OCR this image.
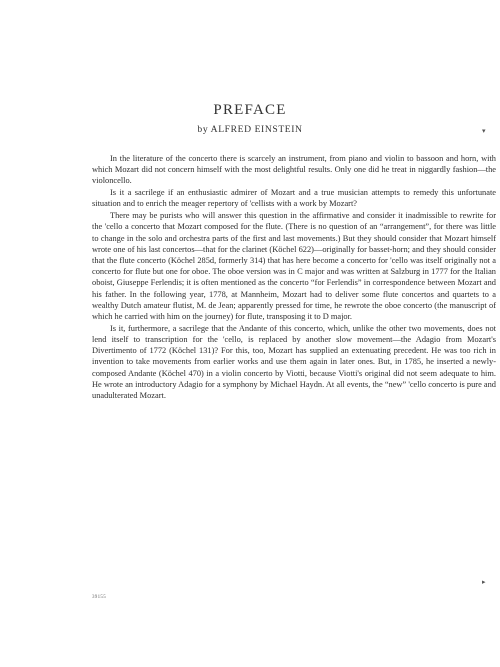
PREFACE
by ALFRED EINSTEIN

In the literature of the concerto there is scarcely an instrument, from piano and violin to bassoon and horn, with which Mozart did not concern himself with the most delightful results. Only one did he treat in niggardly fashion—the violoncello.

Is it a sacrilege if an enthusiastic admirer of Mozart and a true musician attempts to remedy this unfortunate situation and to enrich the meager repertory of 'cellists with a work by Mozart?

There may be purists who will answer this question in the affirmative and consider it inadmissible to rewrite for the 'cello a concerto that Mozart composed for the flute. (There is no question of an “arrangement”, for there was little to change in the solo and orchestra parts of the first and last movements.) But they should consider that Mozart himself wrote one of his last concertos—that for the clarinet (Köchel 622)—originally for basset-horn; and they should consider that the flute concerto (Köchel 285d, formerly 314) that has here become a concerto for 'cello was itself originally not a concerto for flute but one for oboe. The oboe version was in C major and was written at Salzburg in 1777 for the Italian oboist, Giuseppe Ferlendis; it is often mentioned as the concerto “for Ferlendis” in correspondence between Mozart and his father. In the following year, 1778, at Mannheim, Mozart had to deliver some flute concertos and quartets to a wealthy Dutch amateur flutist, M. de Jean; apparently pressed for time, he rewrote the oboe concerto (the manuscript of which he carried with him on the journey) for flute, transposing it to D major.

Is it, furthermore, a sacrilege that the Andante of this concerto, which, unlike the other two movements, does not lend itself to transcription for the 'cello, is replaced by another slow movement—the Adagio from Mozart's Divertimento of 1772 (Köchel 131)? For this, too, Mozart has supplied an extenuating precedent. He was too rich in invention to take movements from earlier works and use them again in later ones. But, in 1785, he inserted a newly-composed Andante (Köchel 470) in a violin concerto by Viotti, because Viotti's original did not seem adequate to him. He wrote an introductory Adagio for a symphony by Michael Haydn. At all events, the “new” 'cello concerto is pure and unadulterated Mozart.

39155
▾
▸
